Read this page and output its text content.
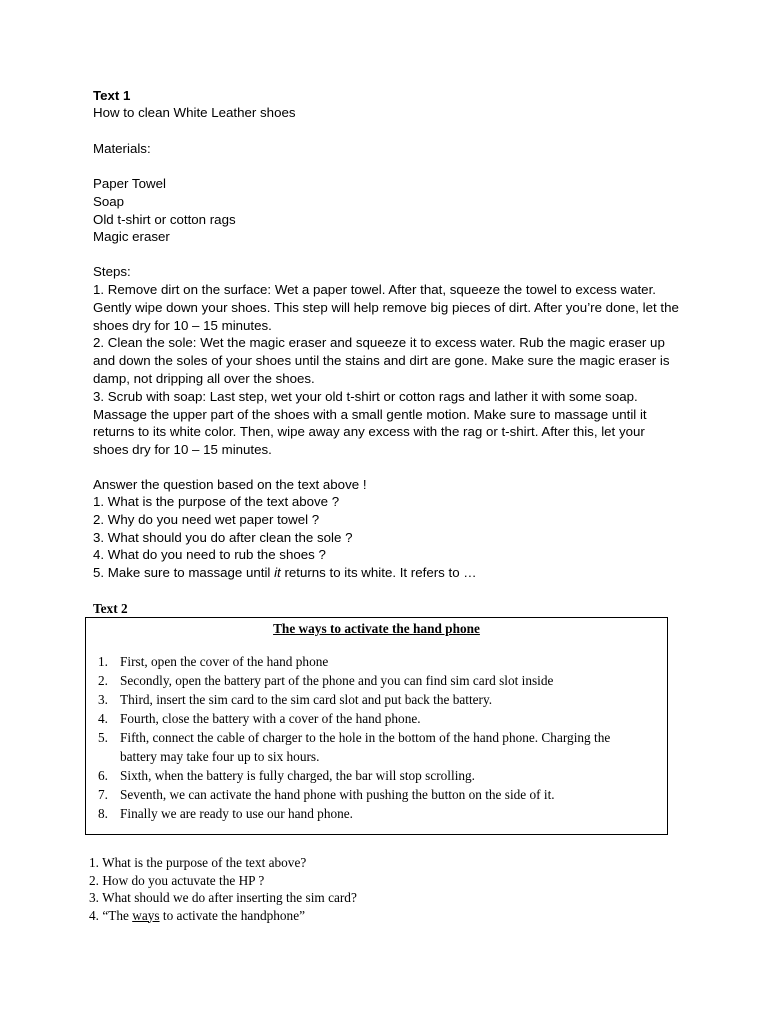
Text 1
How to clean White Leather shoes
Materials:
Paper Towel
Soap
Old t-shirt or cotton rags
Magic eraser
Steps:
1. Remove dirt on the surface: Wet a paper towel. After that, squeeze the towel to excess water. Gently wipe down your shoes. This step will help remove big pieces of dirt. After you’re done, let the shoes dry for 10 – 15 minutes.
2. Clean the sole: Wet the magic eraser and squeeze it to excess water. Rub the magic eraser up and down the soles of your shoes until the stains and dirt are gone. Make sure the magic eraser is damp, not dripping all over the shoes.
3. Scrub with soap: Last step, wet your old t-shirt or cotton rags and lather it with some soap. Massage the upper part of the shoes with a small gentle motion. Make sure to massage until it returns to its white color. Then, wipe away any excess with the rag or t-shirt. After this, let your shoes dry for 10 – 15 minutes.
Answer the question based on the text above !
1. What is the purpose of the text above ?
2. Why do you need wet paper towel ?
3. What should you do after clean the sole ?
4. What do you need to rub the shoes ?
5. Make sure to massage until it returns to its white. It refers to …
Text 2
The ways to activate the hand phone
1. First, open the cover of the hand phone
2. Secondly, open the battery part of the phone and you can find sim card slot inside
3. Third, insert the sim card to the sim card slot and put back the battery.
4. Fourth, close the battery with a cover of the hand phone.
5. Fifth, connect the cable of charger to the hole in the bottom of the hand phone. Charging the battery may take four up to six hours.
6. Sixth, when the battery is fully charged, the bar will stop scrolling.
7. Seventh, we can activate the hand phone with pushing the button on the side of it.
8. Finally we are ready to use our hand phone.
1. What is the purpose of the text above?
2. How do you actuvate the HP ?
3. What should we do after inserting the sim card?
4. “The ways to activate the handphone”
